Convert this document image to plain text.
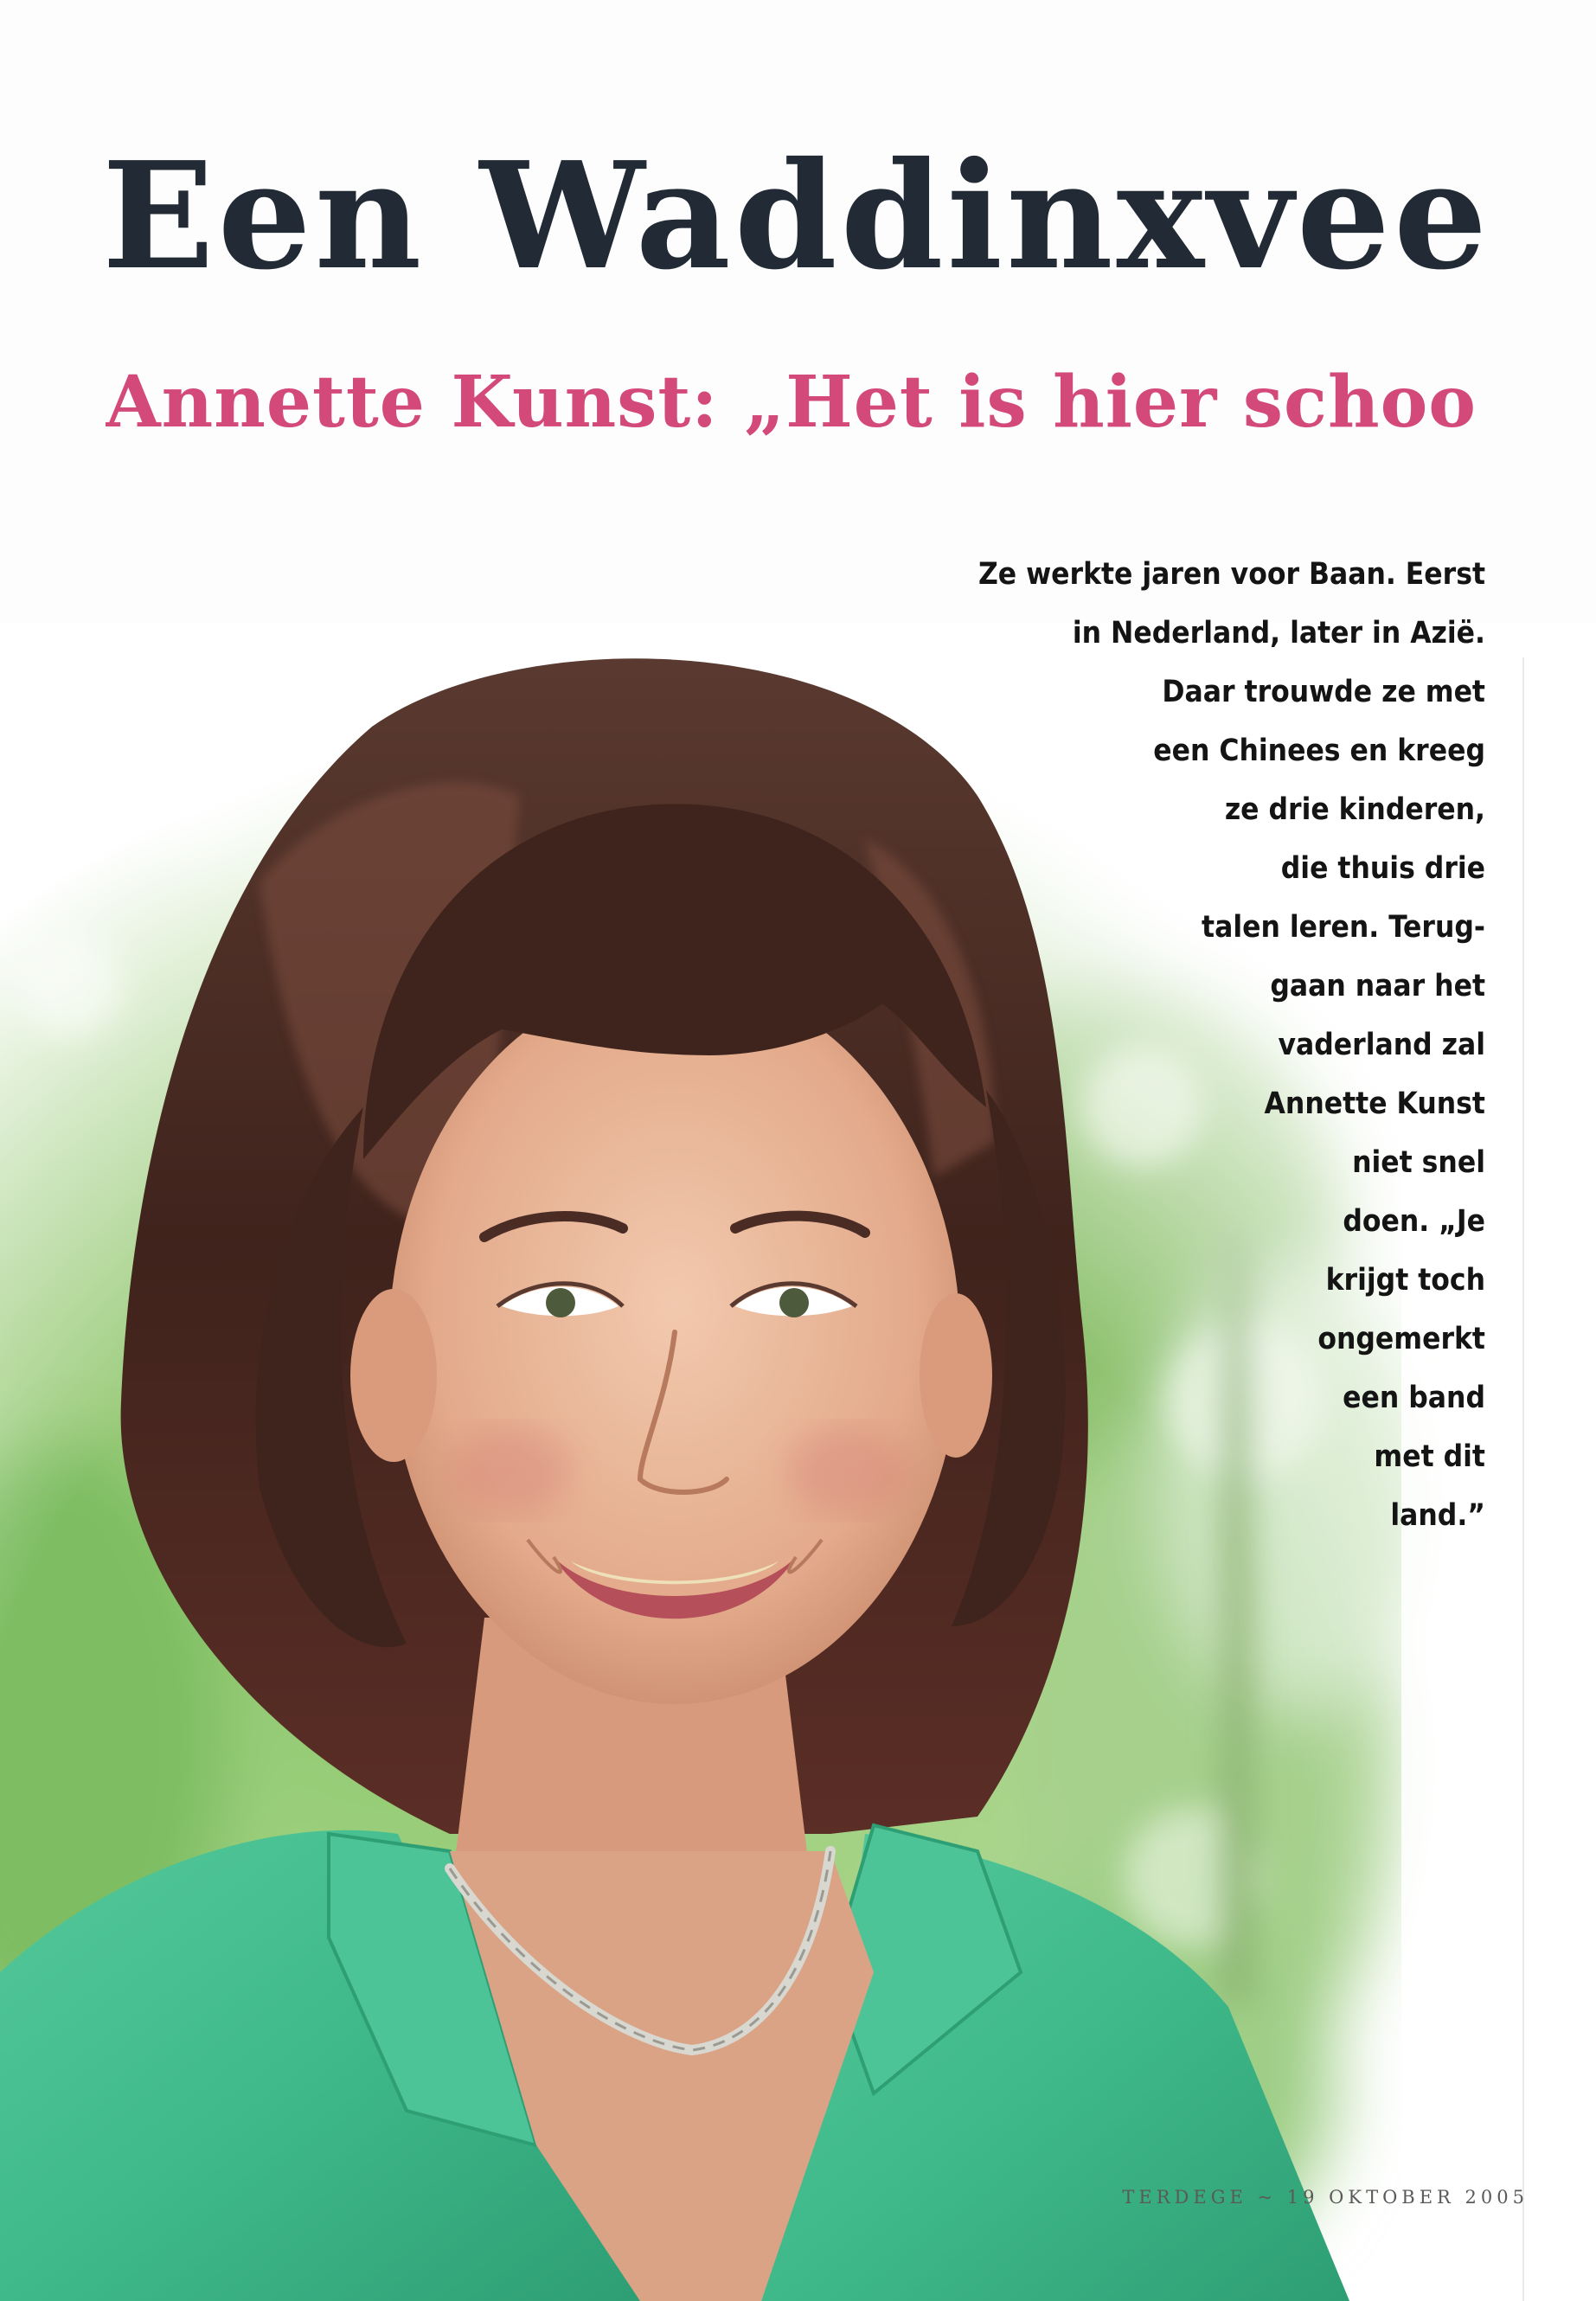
Een Waddinxvee
Annette Kunst: „Het is hier schoo
Ze werkte jaren voor Baan. Eerst
in Nederland, later in Azië.
Daar trouwde ze met
een Chinees en kreeg
ze drie kinderen,
die thuis drie
talen leren. Terug-
gaan naar het
vaderland zal
Annette Kunst
niet snel
doen. „Je
krijgt toch
ongemerkt
een band
met dit
land.”
TERDEGE ~ 19 OKTOBER 2005
